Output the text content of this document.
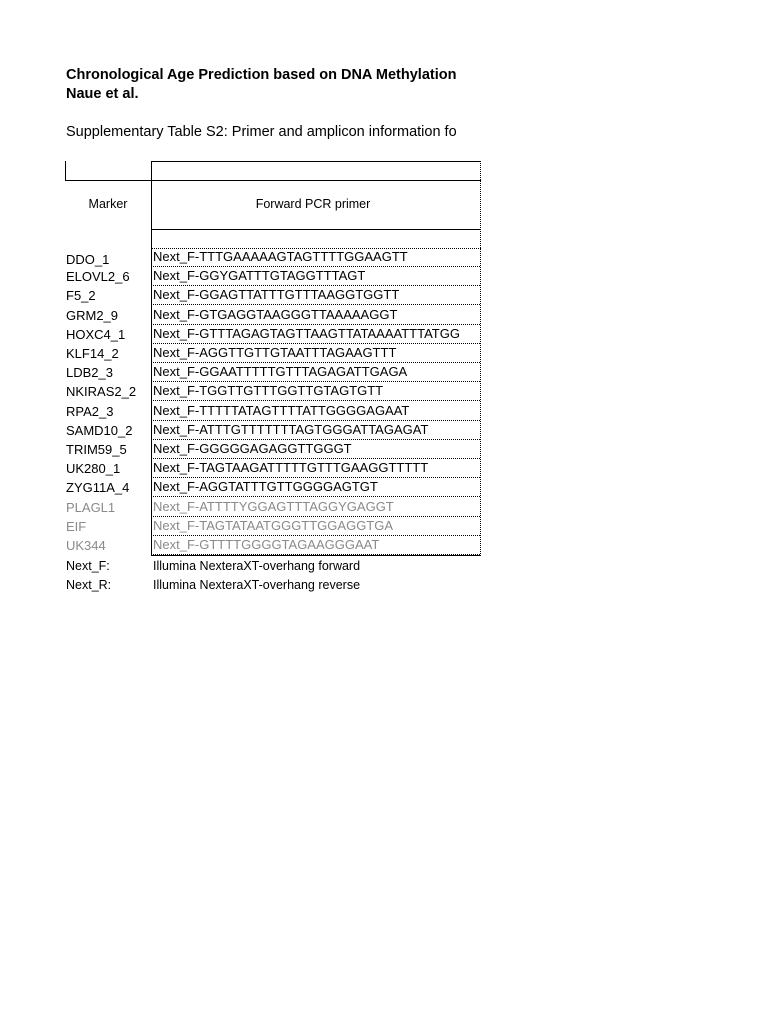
Chronological Age Prediction based on DNA Methylation
Naue et al.
Supplementary Table S2: Primer and amplicon information fo
Marker	Forward PCR primer
DDO_1	Next_F-TTTGAAAAAGTAGTTTTGGAAGTT
ELOVL2_6	Next_F-GGYGATTTGTAGGTTTAGT
F5_2	Next_F-GGAGTTATTTGTTTAAGGTGGTT
GRM2_9	Next_F-GTGAGGTAAGGGTTAAAAAGGT
HOXC4_1	Next_F-GTTTAGAGTAGTTAAGTTATAAAATTTATGG
KLF14_2	Next_F-AGGTTGTTGTAATTTAGAAGTTT
LDB2_3	Next_F-GGAATTTTTGTTTAGAGATTGAGA
NKIRAS2_2	Next_F-TGGTTGTTTGGTTGTAGTGTT
RPA2_3	Next_F-TTTTTATAGTTTTATTGGGGAGAAT
SAMD10_2	Next_F-ATTTGTTTTTTTAGTGGGATTAGAGAT
TRIM59_5	Next_F-GGGGGAGAGGTTGGGT
UK280_1	Next_F-TAGTAAGATTTTTGTTTGAAGGTTTTT
ZYG11A_4	Next_F-AGGTATTTGTTGGGGAGTGT
PLAGL1	Next_F-ATTTTYGGAGTTTAGGYGAGGT
EIF	Next_F-TAGTATAATGGGTTGGAGGTGA
UK344	Next_F-GTTTTGGGGTAGAAGGGAAT
Next_F:	Illumina NexteraXT-overhang forward
Next_R:	Illumina NexteraXT-overhang reverse
